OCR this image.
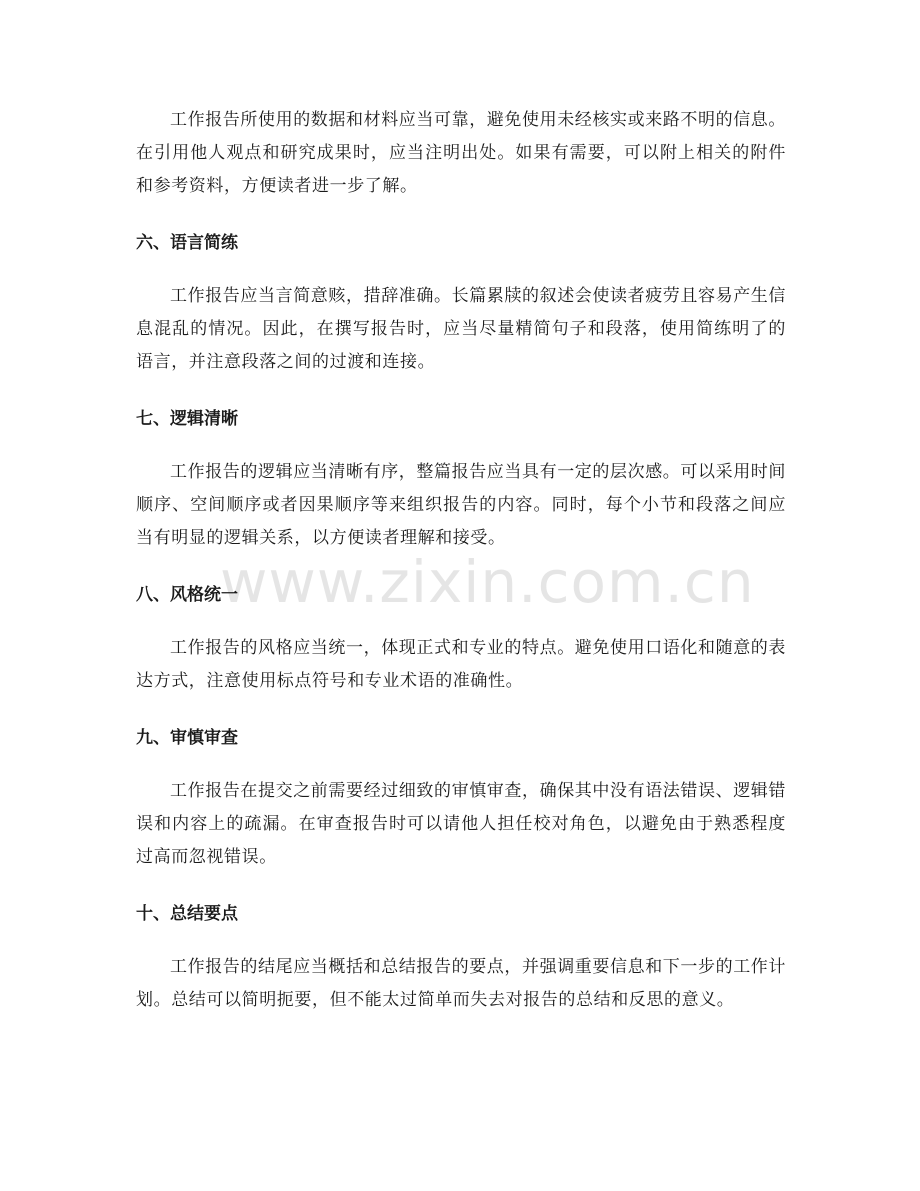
www.zixin.com.cn

工作报告所使用的数据和材料应当可靠，避免使用未经核实或来路不明的信息。在引用他人观点和研究成果时，应当注明出处。如果有需要，可以附上相关的附件和参考资料，方便读者进一步了解。

六、语言简练

工作报告应当言简意赅，措辞准确。长篇累牍的叙述会使读者疲劳且容易产生信息混乱的情况。因此，在撰写报告时，应当尽量精简句子和段落，使用简练明了的语言，并注意段落之间的过渡和连接。

七、逻辑清晰

工作报告的逻辑应当清晰有序，整篇报告应当具有一定的层次感。可以采用时间顺序、空间顺序或者因果顺序等来组织报告的内容。同时，每个小节和段落之间应当有明显的逻辑关系，以方便读者理解和接受。

八、风格统一

工作报告的风格应当统一，体现正式和专业的特点。避免使用口语化和随意的表达方式，注意使用标点符号和专业术语的准确性。

九、审慎审查

工作报告在提交之前需要经过细致的审慎审查，确保其中没有语法错误、逻辑错误和内容上的疏漏。在审查报告时可以请他人担任校对角色，以避免由于熟悉程度过高而忽视错误。

十、总结要点

工作报告的结尾应当概括和总结报告的要点，并强调重要信息和下一步的工作计划。总结可以简明扼要，但不能太过简单而失去对报告的总结和反思的意义。
